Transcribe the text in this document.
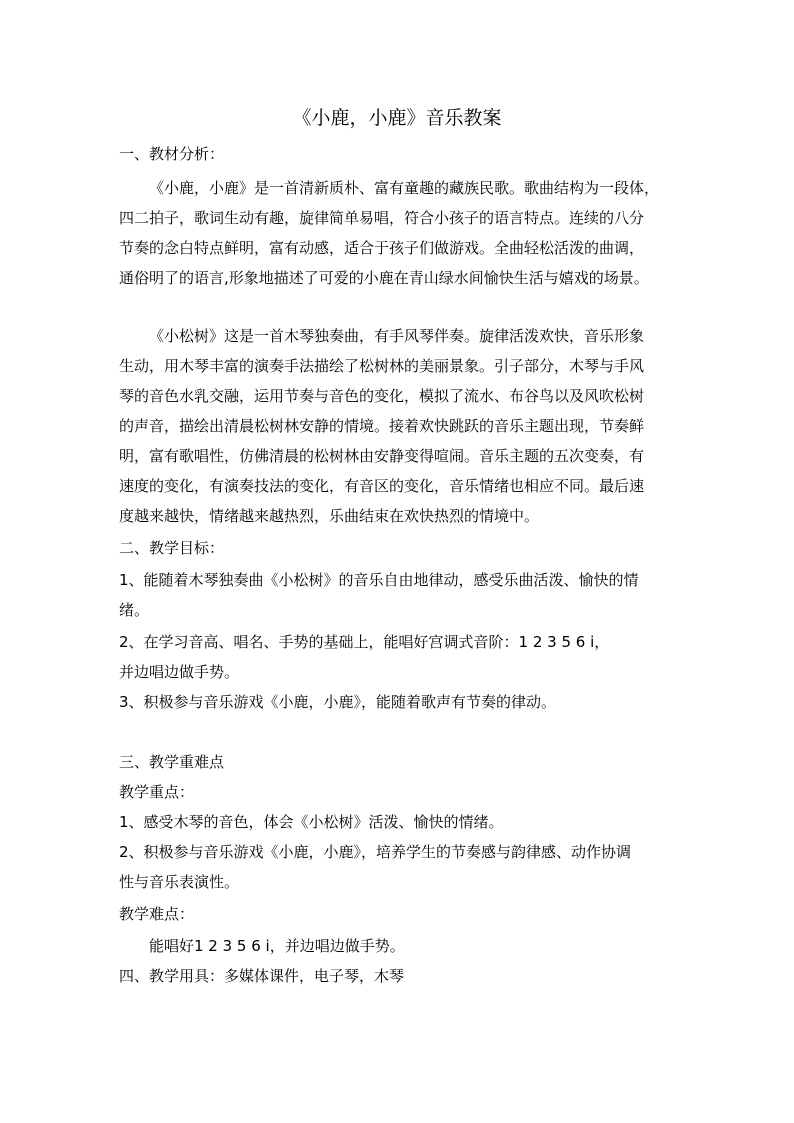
《小鹿，小鹿》音乐教案
一、教材分析：
《小鹿，小鹿》是一首清新质朴、富有童趣的藏族民歌。歌曲结构为一段体，
四二拍子，歌词生动有趣，旋律简单易唱，符合小孩子的语言特点。连续的八分
节奏的念白特点鲜明，富有动感，适合于孩子们做游戏。全曲轻松活泼的曲调，
通俗明了的语言,形象地描述了可爱的小鹿在青山绿水间愉快生活与嬉戏的场景。
《小松树》这是一首木琴独奏曲，有手风琴伴奏。旋律活泼欢快，音乐形象
生动，用木琴丰富的演奏手法描绘了松树林的美丽景象。引子部分，木琴与手风
琴的音色水乳交融，运用节奏与音色的变化，模拟了流水、布谷鸟以及风吹松树
的声音，描绘出清晨松树林安静的情境。接着欢快跳跃的音乐主题出现，节奏鲜
明，富有歌唱性，仿佛清晨的松树林由安静变得喧闹。音乐主题的五次变奏，有
速度的变化，有演奏技法的变化，有音区的变化，音乐情绪也相应不同。最后速
度越来越快，情绪越来越热烈，乐曲结束在欢快热烈的情境中。
二、教学目标：
1、能随着木琴独奏曲《小松树》的音乐自由地律动，感受乐曲活泼、愉快的情
绪。
2、在学习音高、唱名、手势的基础上，能唱好宫调式音阶：1 2 3 5 6 i，
并边唱边做手势。
3、积极参与音乐游戏《小鹿，小鹿》，能随着歌声有节奏的律动。
三、教学重难点
教学重点：
1、感受木琴的音色，体会《小松树》活泼、愉快的情绪。
2、积极参与音乐游戏《小鹿，小鹿》，培养学生的节奏感与韵律感、动作协调
性与音乐表演性。
教学难点：
能唱好1 2 3 5 6 i，并边唱边做手势。
四、教学用具：多媒体课件，电子琴，木琴
